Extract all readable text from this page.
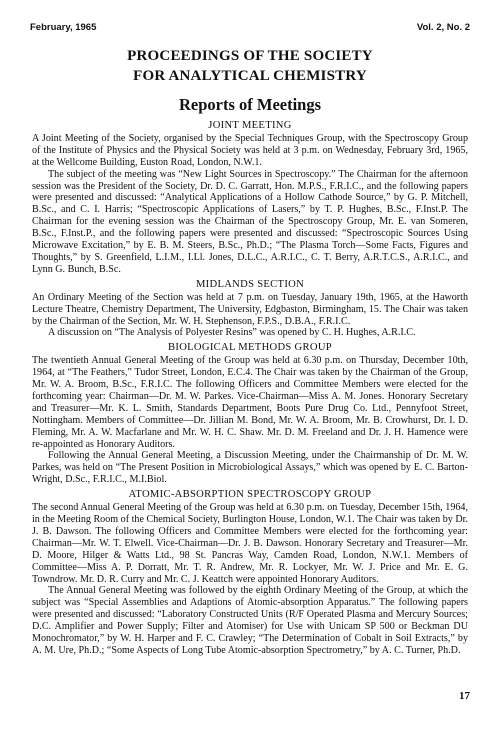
February, 1965	Vol. 2, No. 2
PROCEEDINGS OF THE SOCIETY
FOR ANALYTICAL CHEMISTRY
Reports of Meetings
JOINT MEETING

A Joint Meeting of the Society, organised by the Special Techniques Group, with the Spectroscopy Group of the Institute of Physics and the Physical Society was held at 3 p.m. on Wednesday, February 3rd, 1965, at the Wellcome Building, Euston Road, London, N.W.1.

The subject of the meeting was “New Light Sources in Spectroscopy.” The Chairman for the afternoon session was the President of the Society, Dr. D. C. Garratt, Hon. M.P.S., F.R.I.C., and the following papers were presented and discussed: “Analytical Applications of a Hollow Cathode Source,” by G. P. Mitchell, B.Sc., and C. I. Harris; “Spectroscopic Applications of Lasers,” by T. P. Hughes, B.Sc., F.Inst.P. The Chairman for the evening session was the Chairman of the Spectroscopy Group, Mr. E. van Someren, B.Sc., F.Inst.P., and the following papers were presented and discussed: “Spectroscopic Sources Using Microwave Excitation,” by E. B. M. Steers, B.Sc., Ph.D.; “The Plasma Torch—Some Facts, Figures and Thoughts,” by S. Greenfield, L.I.M., I.Ll. Jones, D.L.C., A.R.I.C., C. T. Berry, A.R.T.C.S., A.R.I.C., and Lynn G. Bunch, B.Sc.

MIDLANDS SECTION

An Ordinary Meeting of the Section was held at 7 p.m. on Tuesday, January 19th, 1965, at the Haworth Lecture Theatre, Chemistry Department, The University, Edgbaston, Birmingham, 15. The Chair was taken by the Chairman of the Section, Mr. W. H. Stephenson, F.P.S., D.B.A., F.R.I.C.

A discussion on “The Analysis of Polyester Resins” was opened by C. H. Hughes, A.R.I.C.

BIOLOGICAL METHODS GROUP

The twentieth Annual General Meeting of the Group was held at 6.30 p.m. on Thursday, December 10th, 1964, at “The Feathers,” Tudor Street, London, E.C.4. The Chair was taken by the Chairman of the Group, Mr. W. A. Broom, B.Sc., F.R.I.C. The following Officers and Committee Members were elected for the forthcoming year: Chairman—Dr. M. W. Parkes. Vice-Chairman—Miss A. M. Jones. Honorary Secretary and Treasurer—Mr. K. L. Smith, Standards Department, Boots Pure Drug Co. Ltd., Pennyfoot Street, Nottingham. Members of Committee—Dr. Jillian M. Bond, Mr. W. A. Broom, Mr. B. Crowhurst, Dr. I. D. Fleming, Mr. A. W. Macfarlane and Mr. W. H. C. Shaw. Mr. D. M. Freeland and Dr. J. H. Hamence were re-appointed as Honorary Auditors.

Following the Annual General Meeting, a Discussion Meeting, under the Chairmanship of Dr. M. W. Parkes, was held on “The Present Position in Microbiological Assays,” which was opened by E. C. Barton-Wright, D.Sc., F.R.I.C., M.I.Biol.

ATOMIC-ABSORPTION SPECTROSCOPY GROUP

The second Annual General Meeting of the Group was held at 6.30 p.m. on Tuesday, December 15th, 1964, in the Meeting Room of the Chemical Society, Burlington House, London, W.1. The Chair was taken by Dr. J. B. Dawson. The following Officers and Committee Members were elected for the forthcoming year: Chairman—Mr. W. T. Elwell. Vice-Chairman—Dr. J. B. Dawson. Honorary Secretary and Treasurer—Mr. D. Moore, Hilger & Watts Ltd., 98 St. Pancras Way, Camden Road, London, N.W.1. Members of Committee—Miss A. P. Dorratt, Mr. T. R. Andrew, Mr. R. Lockyer, Mr. W. J. Price and Mr. E. G. Towndrow. Mr. D. R. Curry and Mr. C. J. Keattch were appointed Honorary Auditors.

The Annual General Meeting was followed by the eighth Ordinary Meeting of the Group, at which the subject was “Special Assemblies and Adaptions of Atomic-absorption Apparatus.” The following papers were presented and discussed: “Laboratory Constructed Units (R/F Operated Plasma and Mercury Sources; D.C. Amplifier and Power Supply; Filter and Atomiser) for Use with Unicam SP 500 or Beckman DU Monochromator,” by W. H. Harper and F. C. Crawley; “The Determination of Cobalt in Soil Extracts,” by A. M. Ure, Ph.D.; “Some Aspects of Long Tube Atomic-absorption Spectrometry,” by A. C. Turner, Ph.D.

17
